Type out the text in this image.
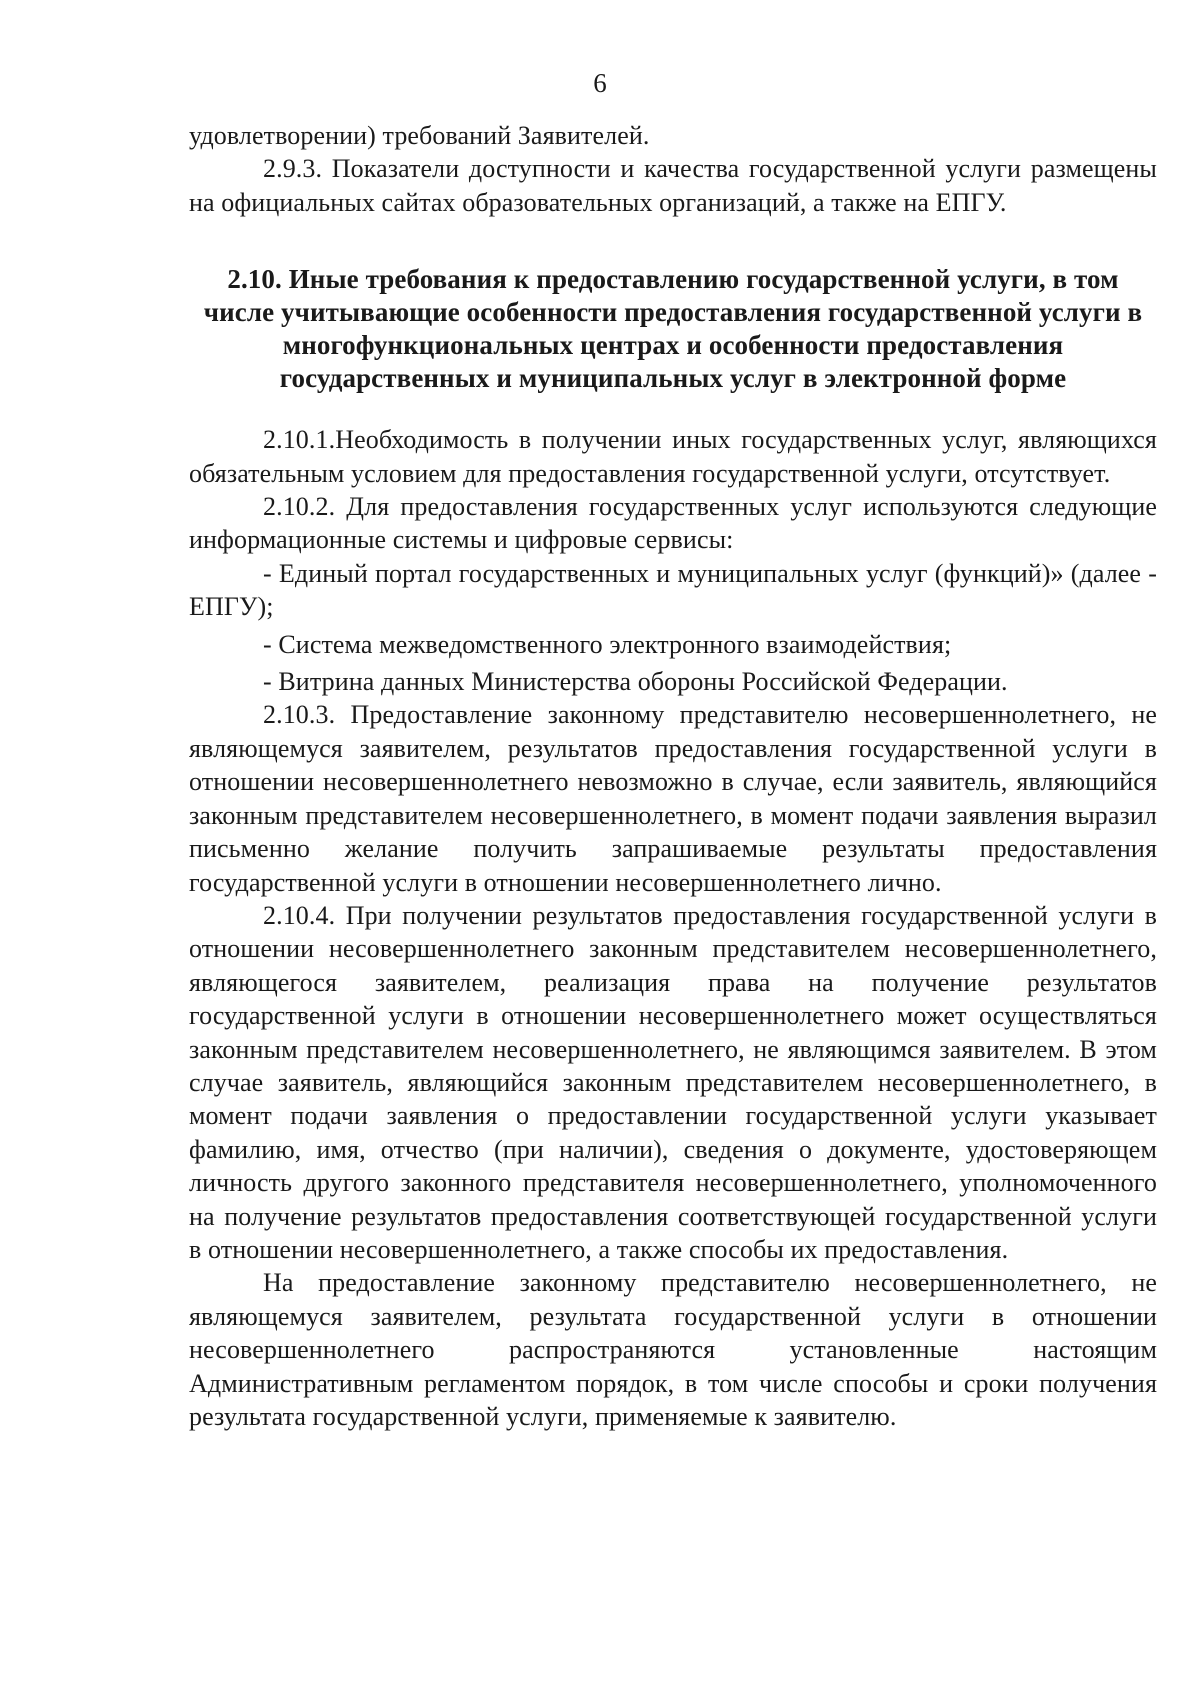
6

удовлетворении) требований Заявителей.

2.9.3. Показатели доступности и качества государственной услуги размещены на официальных сайтах образовательных организаций, а также на ЕПГУ.

2.10. Иные требования к предоставлению государственной услуги, в том числе учитывающие особенности предоставления государственной услуги в многофункциональных центрах и особенности предоставления государственных и муниципальных услуг в электронной форме

2.10.1.Необходимость в получении иных государственных услуг, являющихся обязательным условием для предоставления государственной услуги, отсутствует.

2.10.2. Для предоставления государственных услуг используются следующие информационные системы и цифровые сервисы:

- Единый портал государственных и муниципальных услуг (функций)» (далее - ЕПГУ);

- Система межведомственного электронного взаимодействия;

- Витрина данных Министерства обороны Российской Федерации.

2.10.3. Предоставление законному представителю несовершеннолетнего, не являющемуся заявителем, результатов предоставления государственной услуги в отношении несовершеннолетнего невозможно в случае, если заявитель, являющийся законным представителем несовершеннолетнего, в момент подачи заявления выразил письменно желание получить запрашиваемые результаты предоставления государственной услуги в отношении несовершеннолетнего лично.

2.10.4. При получении результатов предоставления государственной услуги в отношении несовершеннолетнего законным представителем несовершеннолетнего, являющегося заявителем, реализация права на получение результатов государственной услуги в отношении несовершеннолетнего может осуществляться законным представителем несовершеннолетнего, не являющимся заявителем. В этом случае заявитель, являющийся законным представителем несовершеннолетнего, в момент подачи заявления о предоставлении государственной услуги указывает фамилию, имя, отчество (при наличии), сведения о документе, удостоверяющем личность другого законного представителя несовершеннолетнего, уполномоченного на получение результатов предоставления соответствующей государственной услуги в отношении несовершеннолетнего, а также способы их предоставления.

На предоставление законному представителю несовершеннолетнего, не являющемуся заявителем, результата государственной услуги в отношении несовершеннолетнего распространяются установленные настоящим Административным регламентом порядок, в том числе способы и сроки получения результата государственной услуги, применяемые к заявителю.
